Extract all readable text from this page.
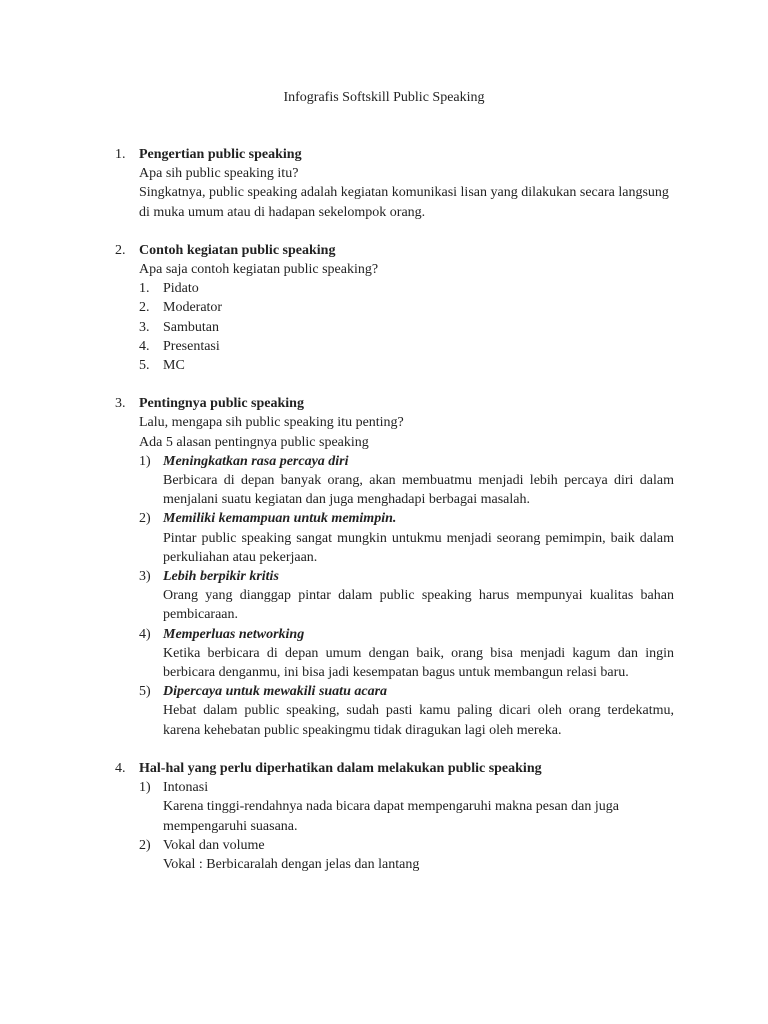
Infografis Softskill Public Speaking
1. Pengertian public speaking

Apa sih public speaking itu?

Singkatnya, public speaking adalah kegiatan komunikasi lisan yang dilakukan secara langsung di muka umum atau di hadapan sekelompok orang.

2. Contoh kegiatan public speaking

Apa saja contoh kegiatan public speaking?

1. Pidato
2. Moderator
3. Sambutan
4. Presentasi
5. MC
3. Pentingnya public speaking

Lalu, mengapa sih public speaking itu penting?

Ada 5 alasan pentingnya public speaking

1) Meningkatkan rasa percaya diri
Berbicara di depan banyak orang, akan membuatmu menjadi lebih percaya diri dalam menjalani suatu kegiatan dan juga menghadapi berbagai masalah.
2) Memiliki kemampuan untuk memimpin.
Pintar public speaking sangat mungkin untukmu menjadi seorang pemimpin, baik dalam perkuliahan atau pekerjaan.
3) Lebih berpikir kritis
Orang yang dianggap pintar dalam public speaking harus mempunyai kualitas bahan pembicaraan.
4) Memperluas networking
Ketika berbicara di depan umum dengan baik, orang bisa menjadi kagum dan ingin berbicara denganmu, ini bisa jadi kesempatan bagus untuk membangun relasi baru.
5) Dipercaya untuk mewakili suatu acara
Hebat dalam public speaking, sudah pasti kamu paling dicari oleh orang terdekatmu, karena kehebatan public speakingmu tidak diragukan lagi oleh mereka.
4. Hal-hal yang perlu diperhatikan dalam melakukan public speaking

1) Intonasi
Karena tinggi-rendahnya nada bicara dapat mempengaruhi makna pesan dan juga mempengaruhi suasana.
2) Vokal dan volume
Vokal : Berbicaralah dengan jelas dan lantang
